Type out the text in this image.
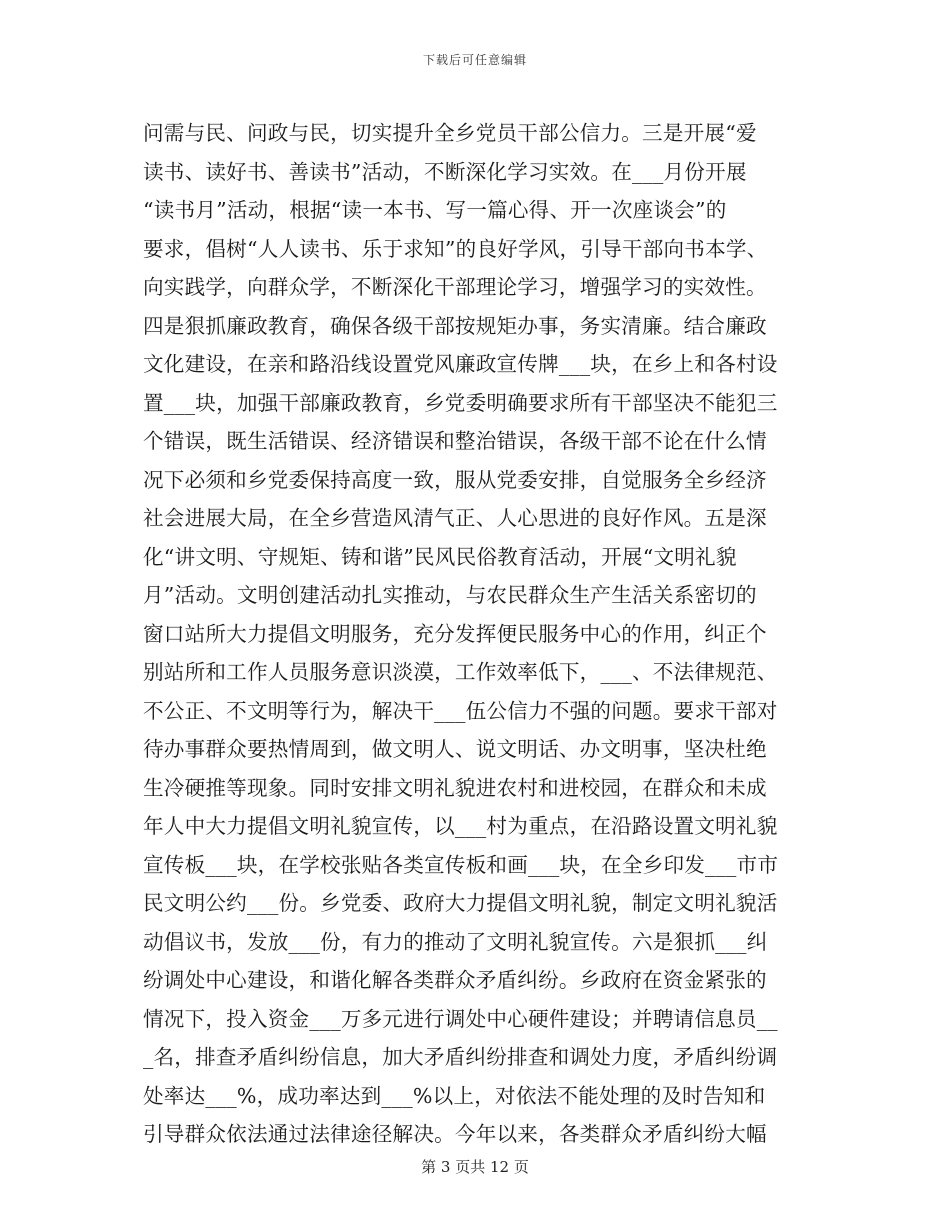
下载后可任意编辑
问需与民、问政与民，切实提升全乡党员干部公信力。三是开展“爱
读书、读好书、善读书”活动，不断深化学习实效。在___月份开展
“读书月”活动，根据“读一本书、写一篇心得、开一次座谈会”的
要求，倡树“人人读书、乐于求知”的良好学风，引导干部向书本学、
向实践学，向群众学，不断深化干部理论学习，增强学习的实效性。
四是狠抓廉政教育，确保各级干部按规矩办事，务实清廉。结合廉政
文化建设，在亲和路沿线设置党风廉政宣传牌___块，在乡上和各村设
置___块，加强干部廉政教育，乡党委明确要求所有干部坚决不能犯三
个错误，既生活错误、经济错误和整治错误，各级干部不论在什么情
况下必须和乡党委保持高度一致，服从党委安排，自觉服务全乡经济
社会进展大局，在全乡营造风清气正、人心思进的良好作风。五是深
化“讲文明、守规矩、铸和谐”民风民俗教育活动，开展“文明礼貌
月”活动。文明创建活动扎实推动，与农民群众生产生活关系密切的
窗口站所大力提倡文明服务，充分发挥便民服务中心的作用，纠正个
别站所和工作人员服务意识淡漠，工作效率低下，___、不法律规范、
不公正、不文明等行为，解决干___伍公信力不强的问题。要求干部对
待办事群众要热情周到，做文明人、说文明话、办文明事，坚决杜绝
生冷硬推等现象。同时安排文明礼貌进农村和进校园，在群众和未成
年人中大力提倡文明礼貌宣传，以___村为重点，在沿路设置文明礼貌
宣传板___块，在学校张贴各类宣传板和画___块，在全乡印发___市市
民文明公约___份。乡党委、政府大力提倡文明礼貌，制定文明礼貌活
动倡议书，发放___份，有力的推动了文明礼貌宣传。六是狠抓___纠
纷调处中心建设，和谐化解各类群众矛盾纠纷。乡政府在资金紧张的
情况下，投入资金___万多元进行调处中心硬件建设；并聘请信息员__
_名，排查矛盾纠纷信息，加大矛盾纠纷排查和调处力度，矛盾纠纷调
处率达___%，成功率达到___%以上，对依法不能处理的及时告知和
引导群众依法通过法律途径解决。今年以来，各类群众矛盾纠纷大幅
第 3 页共 12 页
